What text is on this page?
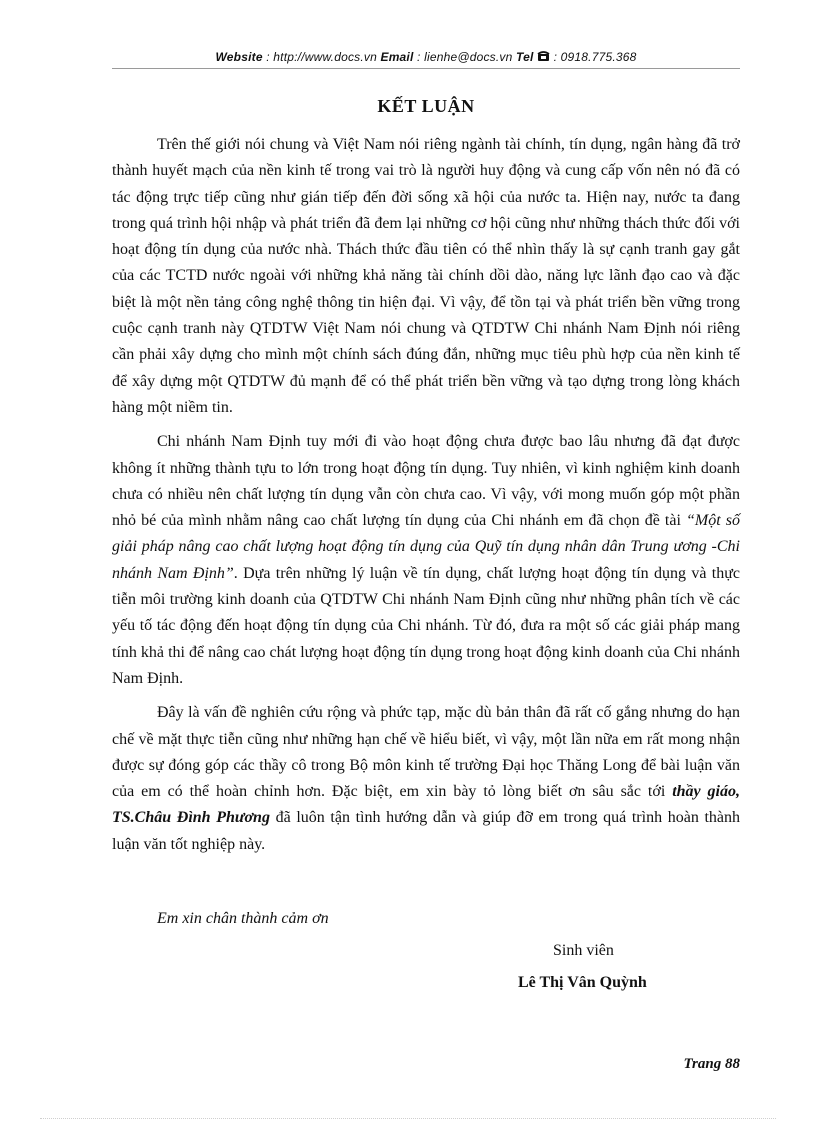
Website : http://www.docs.vn Email : lienhe@docs.vn Tel  : 0918.775.368
KẾT LUẬN

Trên thế giới nói chung và Việt Nam nói riêng ngành tài chính, tín dụng, ngân hàng đã trở thành huyết mạch của nền kinh tế trong vai trò là người huy động và cung cấp vốn nên nó đã có tác động trực tiếp cũng như gián tiếp đến đời sống xã hội của nước ta. Hiện nay, nước ta đang trong quá trình hội nhập và phát triển đã đem lại những cơ hội cũng như những thách thức đối với hoạt động tín dụng của nước nhà. Thách thức đầu tiên có thể nhìn thấy là sự cạnh tranh gay gắt của các TCTD nước ngoài với những khả năng tài chính dồi dào, năng lực lãnh đạo cao và đặc biệt là một nền tảng công nghệ thông tin hiện đại. Vì vậy, để tồn tại và phát triển bền vững trong cuộc cạnh tranh này QTDTW Việt Nam nói chung và QTDTW Chi nhánh Nam Định nói riêng cần phải xây dựng cho mình một chính sách đúng đắn, những mục tiêu phù hợp của nền kinh tế để xây dựng một QTDTW đủ mạnh để có thể phát triển bền vững và tạo dựng trong lòng khách hàng một niềm tin.

Chi nhánh Nam Định tuy mới đi vào hoạt động chưa được bao lâu nhưng đã đạt được không ít những thành tựu to lớn trong hoạt động tín dụng. Tuy nhiên, vì kinh nghiệm kinh doanh chưa có nhiều nên chất lượng tín dụng vẫn còn chưa cao. Vì vậy, với mong muốn góp một phần nhỏ bé của mình nhằm nâng cao chất lượng tín dụng của Chi nhánh em đã chọn đề tài “Một số giải pháp nâng cao chất lượng hoạt động tín dụng của Quỹ tín dụng nhân dân Trung ương -Chi nhánh Nam Định”. Dựa trên những lý luận về tín dụng, chất lượng hoạt động tín dụng và thực tiễn môi trường kinh doanh của QTDTW Chi nhánh Nam Định cũng như những phân tích về các yếu tố tác động đến hoạt động tín dụng của Chi nhánh. Từ đó, đưa ra một số các giải pháp mang tính khả thi để nâng cao chát lượng hoạt động tín dụng trong hoạt động kinh doanh của Chi nhánh Nam Định.

Đây là vấn đề nghiên cứu rộng và phức tạp, mặc dù bản thân đã rất cố gắng nhưng do hạn chế về mặt thực tiễn cũng như những hạn chế về hiểu biết, vì vậy, một lần nữa em rất mong nhận được sự đóng góp các thầy cô trong Bộ môn kinh tế trường Đại học Thăng Long để bài luận văn của em có thể hoàn chỉnh hơn. Đặc biệt, em xin bày tỏ lòng biết ơn sâu sắc tới thầy giáo, TS.Châu Đình Phương đã luôn tận tình hướng dẫn và giúp đỡ em trong quá trình hoàn thành luận văn tốt nghiệp này.

Em xin chân thành cảm ơn
Sinh viên
Lê Thị Vân Quỳnh
Trang 88
